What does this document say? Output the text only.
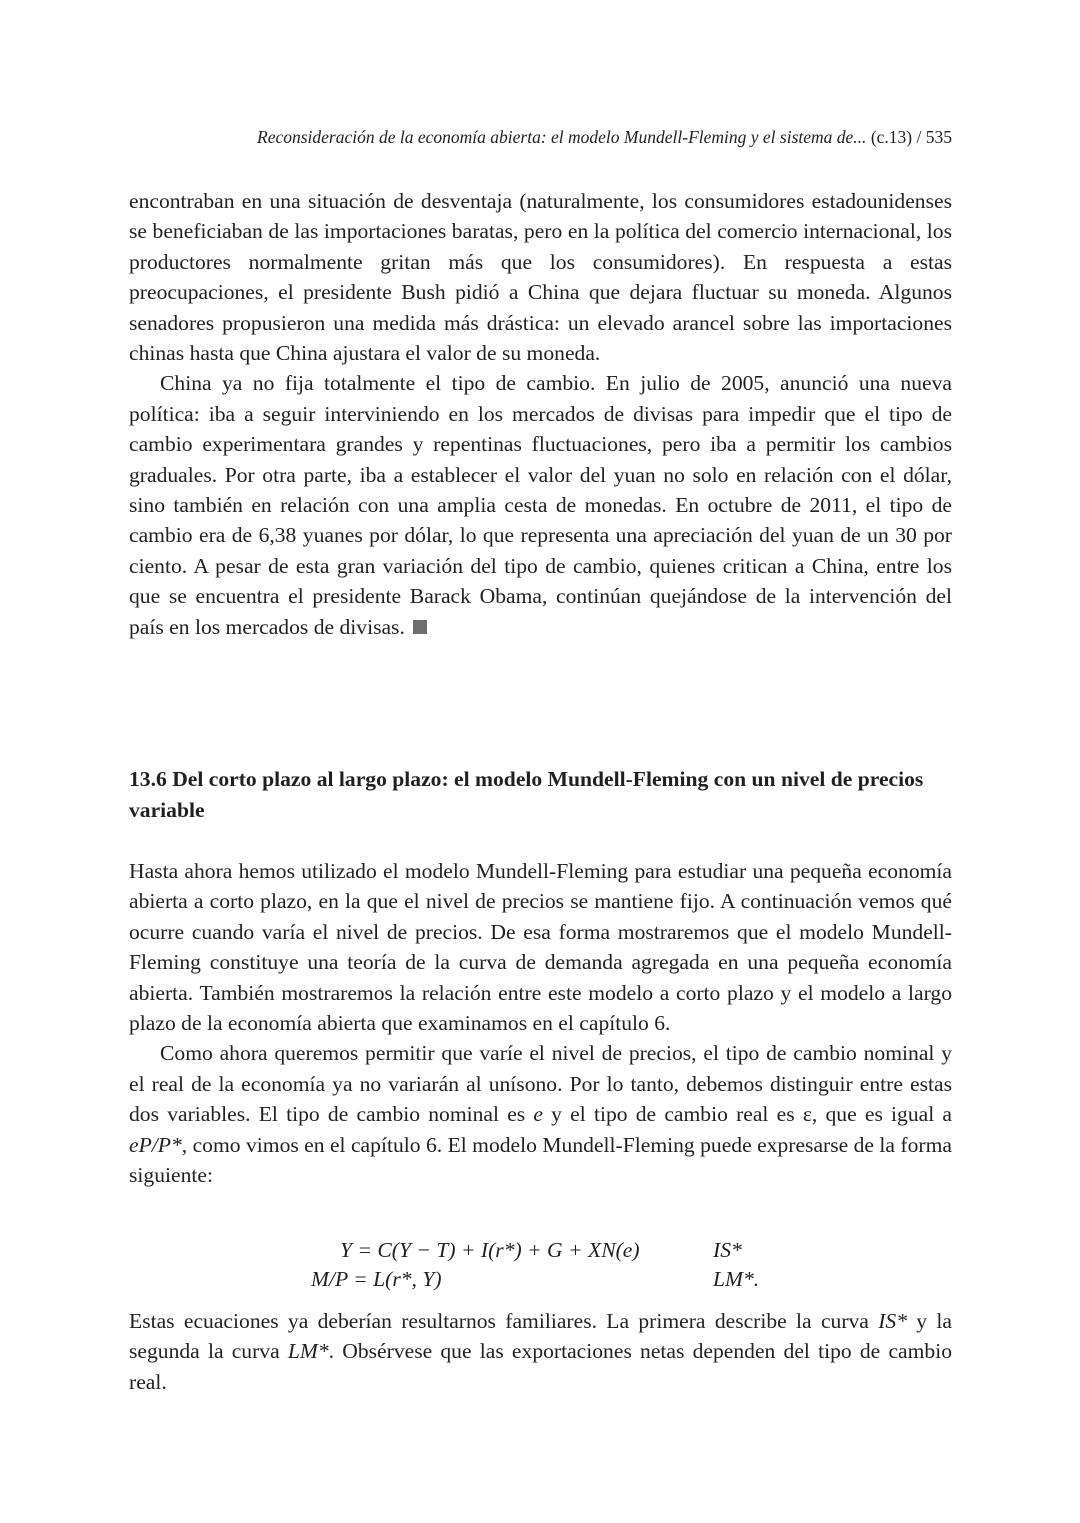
Reconsideración de la economía abierta: el modelo Mundell-Fleming y el sistema de... (c.13) / 535

encontraban en una situación de desventaja (naturalmente, los consumidores estadounidenses se beneficiaban de las importaciones baratas, pero en la política del comercio internacional, los productores normalmente gritan más que los consumidores). En respuesta a estas preocupaciones, el presidente Bush pidió a China que dejara fluctuar su moneda. Algunos senadores propusieron una medida más drástica: un elevado arancel sobre las importaciones chinas hasta que China ajustara el valor de su moneda.

China ya no fija totalmente el tipo de cambio. En julio de 2005, anunció una nueva política: iba a seguir interviniendo en los mercados de divisas para impedir que el tipo de cambio experimentara grandes y repentinas fluctuaciones, pero iba a permitir los cambios graduales. Por otra parte, iba a establecer el valor del yuan no solo en relación con el dólar, sino también en relación con una amplia cesta de monedas. En octubre de 2011, el tipo de cambio era de 6,38 yuanes por dólar, lo que representa una apreciación del yuan de un 30 por ciento. A pesar de esta gran variación del tipo de cambio, quienes critican a China, entre los que se encuentra el presidente Barack Obama, continúan quejándose de la intervención del país en los mercados de divisas.

13.6 Del corto plazo al largo plazo: el modelo Mundell-Fleming con un nivel de precios variable

Hasta ahora hemos utilizado el modelo Mundell-Fleming para estudiar una pequeña economía abierta a corto plazo, en la que el nivel de precios se mantiene fijo. A continuación vemos qué ocurre cuando varía el nivel de precios. De esa forma mostraremos que el modelo Mundell-Fleming constituye una teoría de la curva de demanda agregada en una pequeña economía abierta. También mostraremos la relación entre este modelo a corto plazo y el modelo a largo plazo de la economía abierta que examinamos en el capítulo 6.

Como ahora queremos permitir que varíe el nivel de precios, el tipo de cambio nominal y el real de la economía ya no variarán al unísono. Por lo tanto, debemos distinguir entre estas dos variables. El tipo de cambio nominal es e y el tipo de cambio real es ε, que es igual a eP/P*, como vimos en el capítulo 6. El modelo Mundell-Fleming puede expresarse de la forma siguiente:

Y = C(Y − T) + I(r*) + G + XN(e)	IS*
M/P = L(r*, Y)	LM*.

Estas ecuaciones ya deberían resultarnos familiares. La primera describe la curva IS* y la segunda la curva LM*. Obsérvese que las exportaciones netas dependen del tipo de cambio real.
